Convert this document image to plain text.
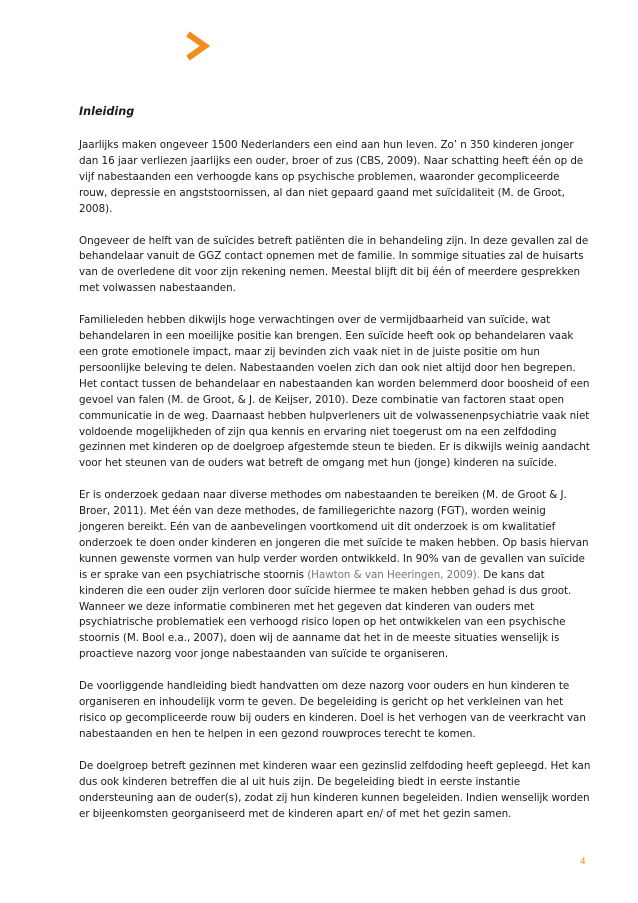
Inleiding

Jaarlijks maken ongeveer 1500 Nederlanders een eind aan hun leven. Zo’ n 350 kinderen jonger dan 16 jaar verliezen jaarlijks een ouder, broer of zus (CBS, 2009). Naar schatting heeft één op de vijf nabestaanden een verhoogde kans op psychische problemen, waaronder gecompliceerde rouw, depressie en angststoornissen, al dan niet gepaard gaand met suïcidaliteit (M. de Groot, 2008).

Ongeveer de helft van de suïcides betreft patiënten die in behandeling zijn. In deze gevallen zal de behandelaar vanuit de GGZ contact opnemen met de familie. In sommige situaties zal de huisarts van de overledene dit voor zijn rekening nemen. Meestal blijft dit bij één of meerdere gesprekken met volwassen nabestaanden.

Familieleden hebben dikwijls hoge verwachtingen over de vermijdbaarheid van suïcide, wat behandelaren in een moeilijke positie kan brengen. Een suïcide heeft ook op behandelaren vaak een grote emotionele impact, maar zij bevinden zich vaak niet in de juiste positie om hun persoonlijke beleving te delen. Nabestaanden voelen zich dan ook niet altijd door hen begrepen. Het contact tussen de behandelaar en nabestaanden kan worden belemmerd door boosheid of een gevoel van falen (M. de Groot, & J. de Keijser, 2010). Deze combinatie van factoren staat open communicatie in de weg. Daarnaast hebben hulpverleners uit de volwassenenpsychiatrie vaak niet voldoende mogelijkheden of zijn qua kennis en ervaring niet toegerust om na een zelfdoding gezinnen met kinderen op de doelgroep afgestemde steun te bieden. Er is dikwijls weinig aandacht voor het steunen van de ouders wat betreft de omgang met hun (jonge) kinderen na suïcide.

Er is onderzoek gedaan naar diverse methodes om nabestaanden te bereiken (M. de Groot & J. Broer, 2011). Met één van deze methodes, de familiegerichte nazorg (FGT), worden weinig jongeren bereikt. Eén van de aanbevelingen voortkomend uit dit onderzoek is om kwalitatief onderzoek te doen onder kinderen en jongeren die met suïcide te maken hebben. Op basis hiervan kunnen gewenste vormen van hulp verder worden ontwikkeld. In 90% van de gevallen van suïcide is er sprake van een psychiatrische stoornis (Hawton & van Heeringen, 2009). De kans dat kinderen die een ouder zijn verloren door suïcide hiermee te maken hebben gehad is dus groot. Wanneer we deze informatie combineren met het gegeven dat kinderen van ouders met psychiatrische problematiek een verhoogd risico lopen op het ontwikkelen van een psychische stoornis (M. Bool e.a., 2007), doen wij de aanname dat het in de meeste situaties wenselijk is proactieve nazorg voor jonge nabestaanden van suïcide te organiseren.

De voorliggende handleiding biedt handvatten om deze nazorg voor ouders en hun kinderen te organiseren en inhoudelijk vorm te geven. De begeleiding is gericht op het verkleinen van het risico op gecompliceerde rouw bij ouders en kinderen. Doel is het verhogen van de veerkracht van nabestaanden en hen te helpen in een gezond rouwproces terecht te komen.

De doelgroep betreft gezinnen met kinderen waar een gezinslid zelfdoding heeft gepleegd. Het kan dus ook kinderen betreffen die al uit huis zijn. De begeleiding biedt in eerste instantie ondersteuning aan de ouder(s), zodat zij hun kinderen kunnen begeleiden. Indien wenselijk worden er bijeenkomsten georganiseerd met de kinderen apart en/ of met het gezin samen.

4
